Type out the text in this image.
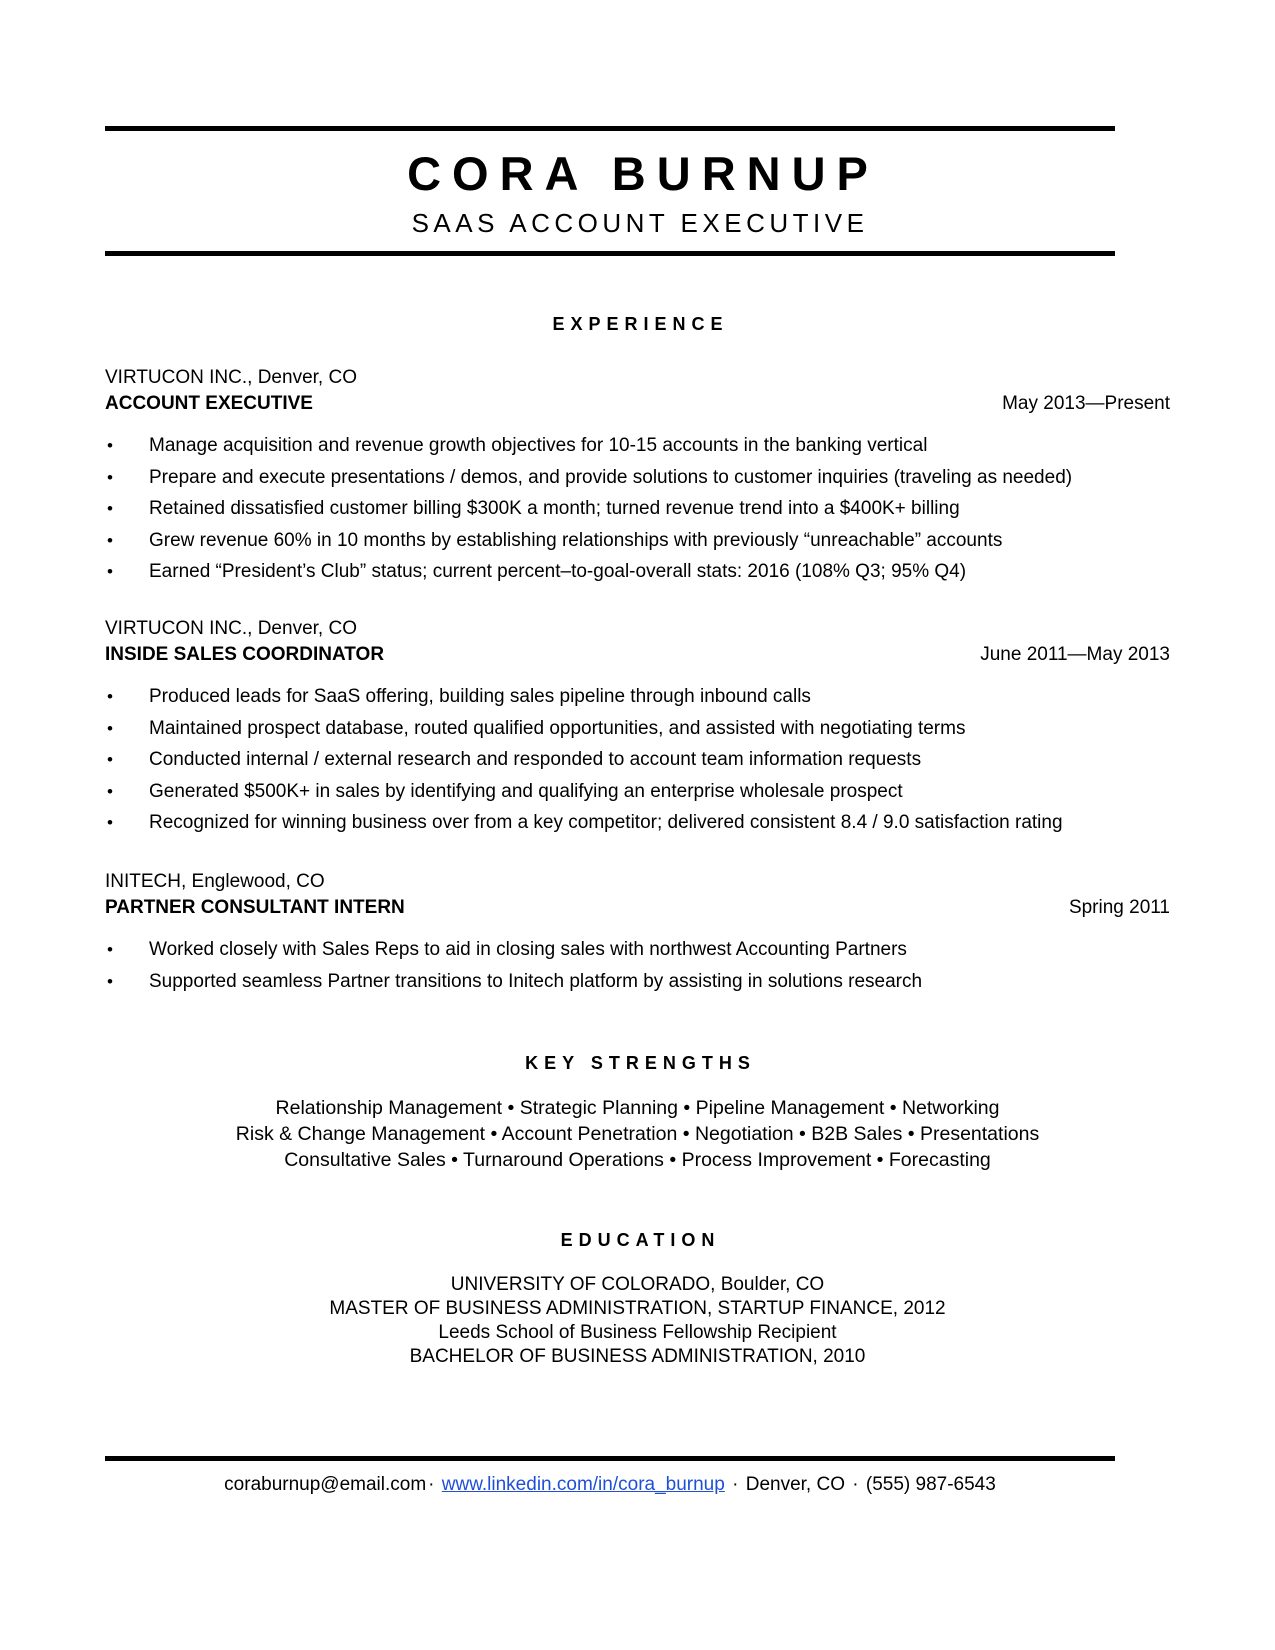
CORA BURNUP
SAAS ACCOUNT EXECUTIVE
EXPERIENCE
VIRTUCON INC., Denver, CO
ACCOUNT EXECUTIVE	May 2013—Present
•	Manage acquisition and revenue growth objectives for 10-15 accounts in the banking vertical
•	Prepare and execute presentations / demos, and provide solutions to customer inquiries (traveling as needed)
•	Retained dissatisfied customer billing $300K a month; turned revenue trend into a $400K+ billing
•	Grew revenue 60% in 10 months by establishing relationships with previously “unreachable” accounts
•	Earned “President’s Club” status; current percent–to-goal-overall stats: 2016 (108% Q3; 95% Q4)
VIRTUCON INC., Denver, CO
INSIDE SALES COORDINATOR	June 2011—May 2013
•	Produced leads for SaaS offering, building sales pipeline through inbound calls
•	Maintained prospect database, routed qualified opportunities, and assisted with negotiating terms
•	Conducted internal / external research and responded to account team information requests
•	Generated $500K+ in sales by identifying and qualifying an enterprise wholesale prospect
•	Recognized for winning business over from a key competitor; delivered consistent 8.4 / 9.0 satisfaction rating
INITECH, Englewood, CO
PARTNER CONSULTANT INTERN	Spring 2011
•	Worked closely with Sales Reps to aid in closing sales with northwest Accounting Partners
•	Supported seamless Partner transitions to Initech platform by assisting in solutions research
KEY STRENGTHS
Relationship Management • Strategic Planning • Pipeline Management • Networking
Risk & Change Management • Account Penetration • Negotiation • B2B Sales • Presentations
Consultative Sales • Turnaround Operations • Process Improvement • Forecasting
EDUCATION
UNIVERSITY OF COLORADO, Boulder, CO
MASTER OF BUSINESS ADMINISTRATION, STARTUP FINANCE, 2012
Leeds School of Business Fellowship Recipient
BACHELOR OF BUSINESS ADMINISTRATION, 2010
coraburnup@email.com · www.linkedin.com/in/cora_burnup · Denver, CO · (555) 987-6543
